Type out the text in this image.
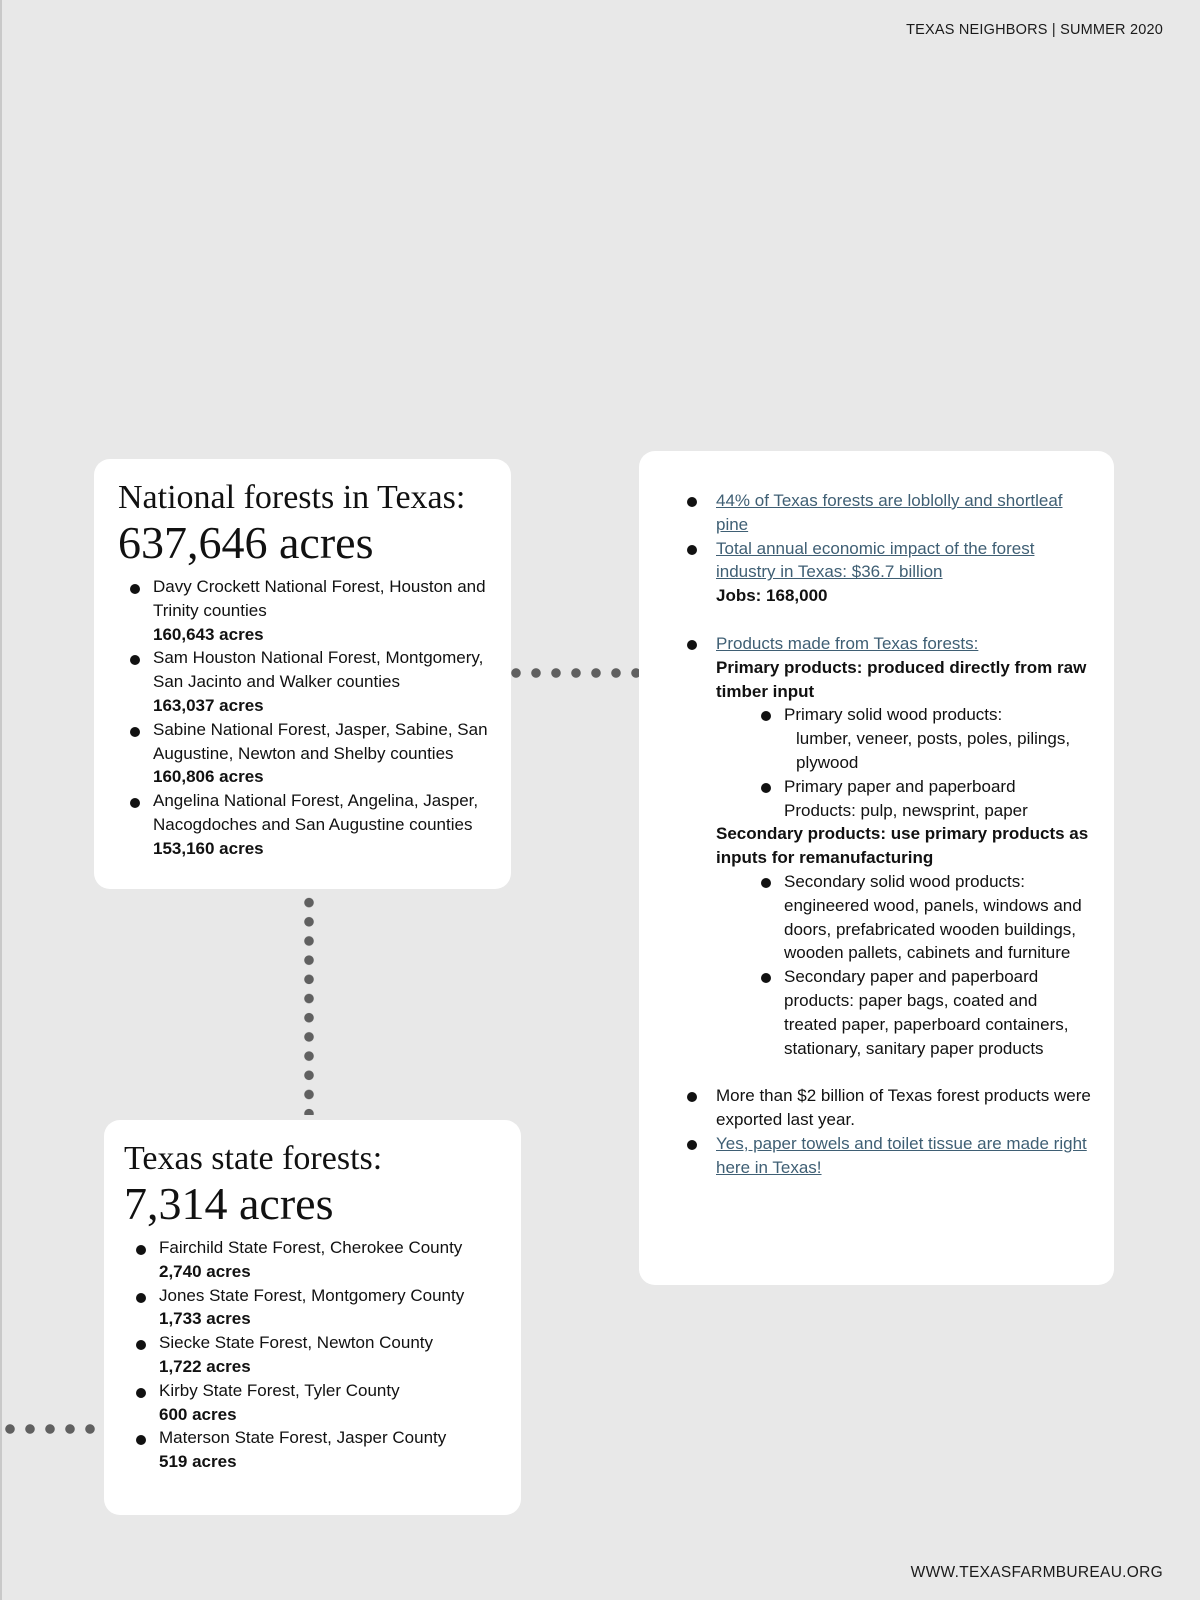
TEXAS NEIGHBORS | SUMMER 2020
National forests in Texas:
637,646 acres
Davy Crockett National Forest, Houston and Trinity counties
160,643 acres
Sam Houston National Forest, Montgomery, San Jacinto and Walker counties
163,037 acres
Sabine National Forest, Jasper, Sabine, San Augustine, Newton and Shelby counties
160,806 acres
Angelina National Forest, Angelina, Jasper, Nacogdoches and San Augustine counties
153,160 acres
Texas state forests:
7,314 acres
Fairchild State Forest, Cherokee County
2,740 acres
Jones State Forest, Montgomery County
1,733 acres
Siecke State Forest, Newton County
1,722 acres
Kirby State Forest, Tyler County
600 acres
Materson State Forest, Jasper County
519 acres
44% of Texas forests are loblolly and shortleaf pine
Total annual economic impact of the forest industry in Texas: $36.7 billion
Jobs: 168,000
Products made from Texas forests:
Primary products: produced directly from raw timber input
Primary solid wood products:
lumber, veneer, posts, poles, pilings, plywood
Primary paper and paperboard
Products: pulp, newsprint, paper
Secondary products: use primary products as inputs for remanufacturing
Secondary solid wood products: engineered wood, panels, windows and doors, prefabricated wooden buildings, wooden pallets, cabinets and furniture
Secondary paper and paperboard products: paper bags, coated and treated paper, paperboard containers, stationary, sanitary paper products
More than $2 billion of Texas forest products were exported last year.
Yes, paper towels and toilet tissue are made right here in Texas!
WWW.TEXASFARMBUREAU.ORG
